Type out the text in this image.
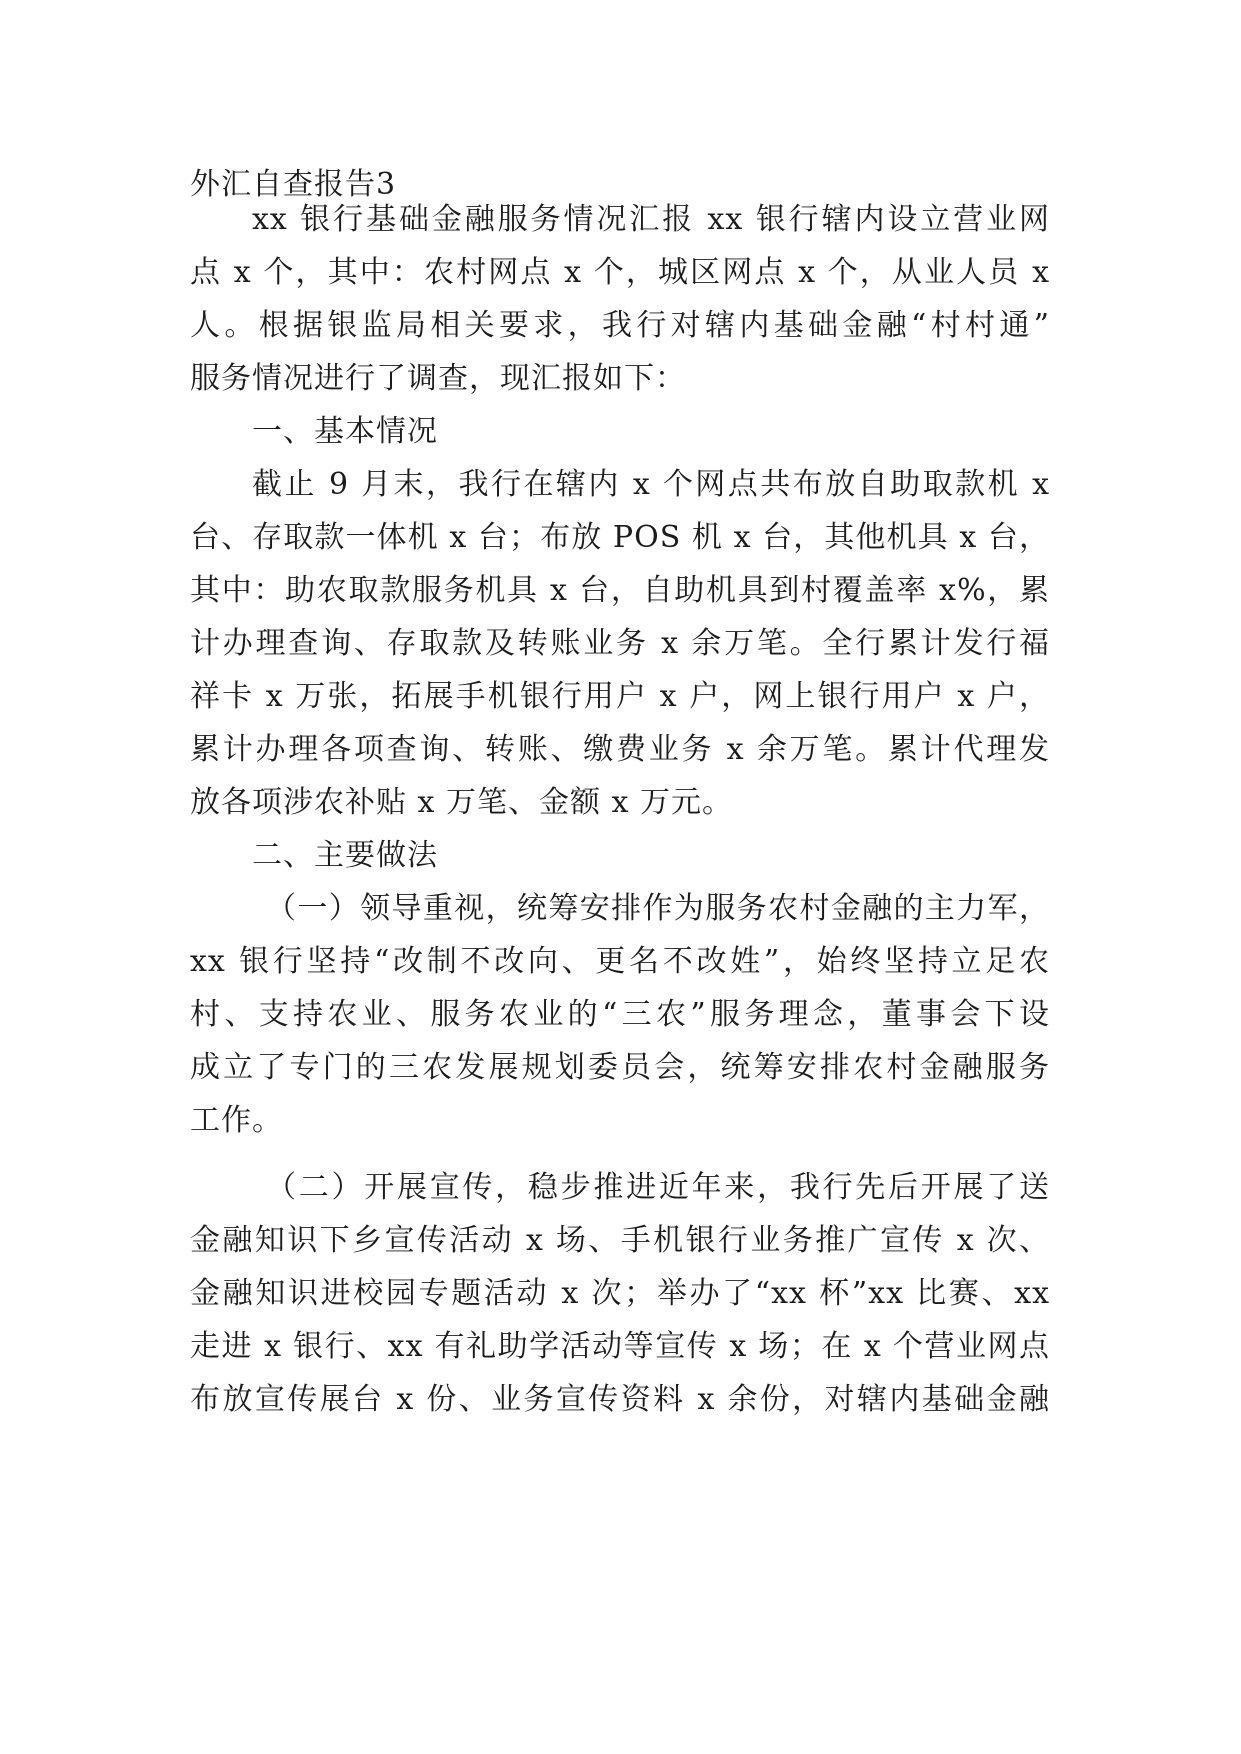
外汇自查报告3
xx 银行基础金融服务情况汇报 xx 银行辖内设立营业网
点 x 个，其中：农村网点 x 个，城区网点 x 个，从业人员 x
人。根据银监局相关要求，我行对辖内基础金融“村村通”
服务情况进行了调查，现汇报如下：
一、基本情况
截止 9 月末，我行在辖内 x 个网点共布放自助取款机 x
台、存取款一体机 x 台；布放 POS 机 x 台，其他机具 x 台，
其中：助农取款服务机具 x 台，自助机具到村覆盖率 x%，累
计办理查询、存取款及转账业务 x 余万笔。全行累计发行福
祥卡 x 万张，拓展手机银行用户 x 户，网上银行用户 x 户，
累计办理各项查询、转账、缴费业务 x 余万笔。累计代理发
放各项涉农补贴 x 万笔、金额 x 万元。
二、主要做法
（一）领导重视，统筹安排作为服务农村金融的主力军，
xx 银行坚持“改制不改向、更名不改姓”，始终坚持立足农
村、支持农业、服务农业的“三农”服务理念，董事会下设
成立了专门的三农发展规划委员会，统筹安排农村金融服务
工作。
（二）开展宣传，稳步推进近年来，我行先后开展了送
金融知识下乡宣传活动 x 场、手机银行业务推广宣传 x 次、
金融知识进校园专题活动 x 次；举办了“xx 杯”xx 比赛、xx
走进 x 银行、xx 有礼助学活动等宣传 x 场；在 x 个营业网点
布放宣传展台 x 份、业务宣传资料 x 余份，对辖内基础金融
